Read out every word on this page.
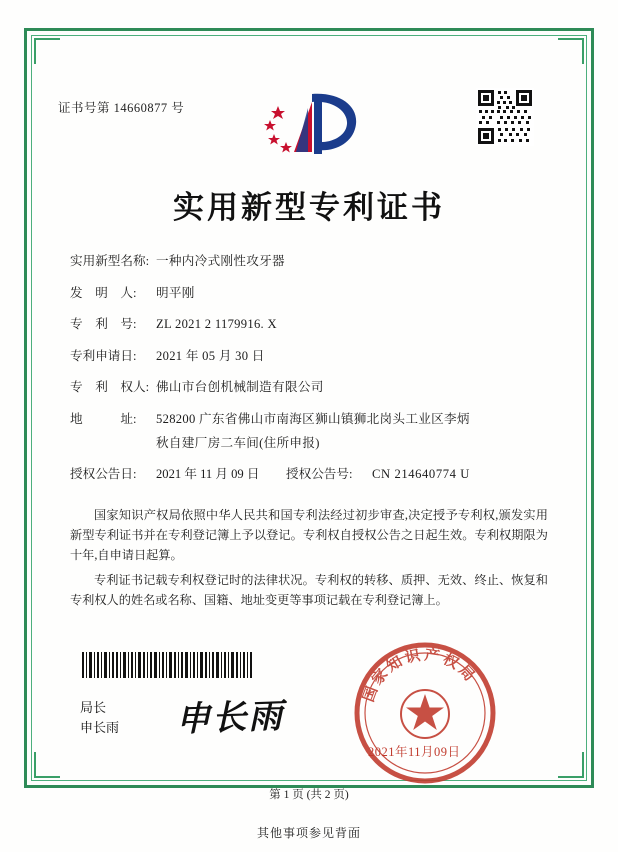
证书号第 14660877 号
实用新型专利证书
实用新型名称: 一种内冷式刚性攻牙器
发　明　人:	明平刚
专　利　号:	ZL 2021 2 1179916. X
专利申请日:	2021 年 05 月 30 日
专　利　权人: 佛山市台创机械制造有限公司
地　　　址:	528200 广东省佛山市南海区狮山镇狮北岗头工业区李炳
秋自建厂房二车间(住所申报)
授权公告日:	2021 年 11 月 09 日	授权公告号:	CN 214640774 U

国家知识产权局依照中华人民共和国专利法经过初步审查,决定授予专利权,颁发实用新型专利证书并在专利登记簿上予以登记。专利权自授权公告之日起生效。专利权期限为十年,自申请日起算。

专利证书记载专利权登记时的法律状况。专利权的转移、质押、无效、终止、恢复和专利权人的姓名或名称、国籍、地址变更等事项记载在专利登记簿上。

局长
申长雨 申长雨
国家知识产权局
2021年11月09日
第 1 页 (共 2 页)
其他事项参见背面
